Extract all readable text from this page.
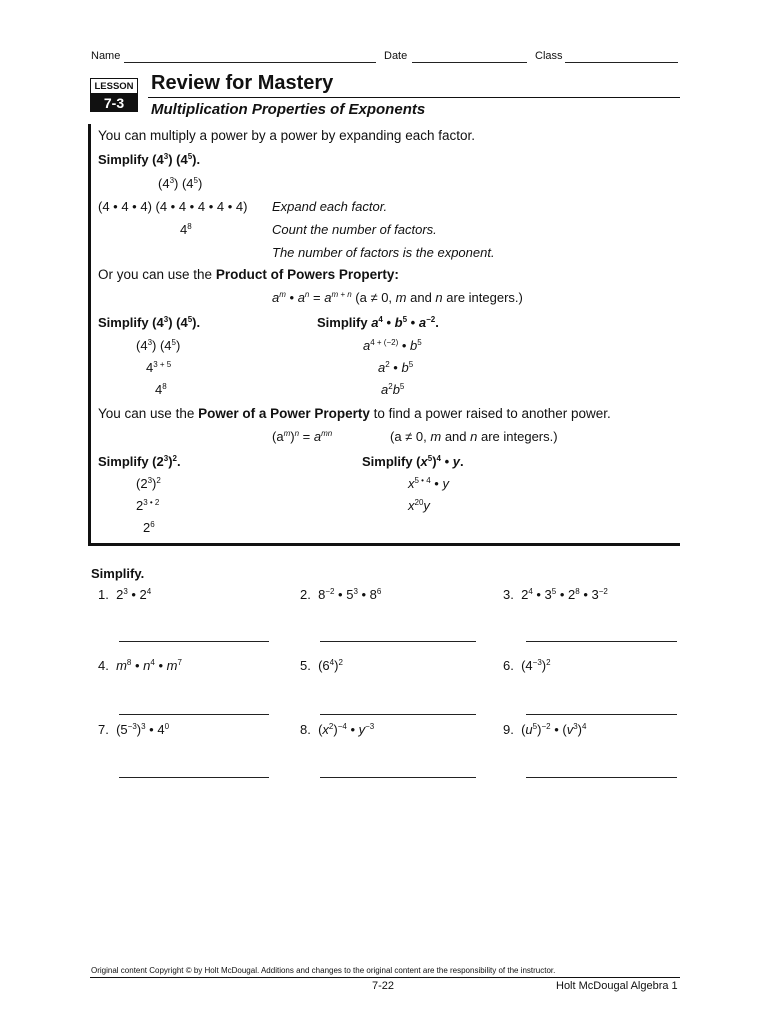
Name	Date	Class
LESSON
7-3
Review for Mastery
Multiplication Properties of Exponents
You can multiply a power by a power by expanding each factor.
Simplify $(4^3)$ $(4^5)$.
$(4^3)$ $(4^5)$
(4 • 4 • 4) (4 • 4 • 4 • 4 • 4)
$4^8$
Expand each factor.
Count the number of factors.
The number of factors is the exponent.
Or you can use the Product of Powers Property:
$a^m$ • $a^n = a^{m + n}$ (a ≠ 0, m and n are integers.)
Simplify $(4^3)$ $(4^5)$.
$(4^3)$ $(4^5)$
$4^{3 + 5}$
$4^8$
Simplify $a^4$ • $b^5$ • $a^{-2}$.
$a^{4 + (-2)}$ • $b^5$
$a^2$ • $b^5$
$a^2b^5$
You can use the Power of a Power Property to find a power raised to another power.
$(a^m)^n = a^{mn}$	(a ≠ 0, m and n are integers.)
Simplify $(2^3)^2$.
$(2^3)^2$
$2^{3 • 2}$
$2^6$
Simplify $(x^5)^4$ • y.
$x^{5 • 4}$ • y
$x^{20}y$
Simplify.
1. $2^3$ • $2^4$	2. $8^{-2}$ • $5^3$ • $8^6$	3. $2^4$ • $3^5$ • $2^8$ • $3^{-2}$
4. $m^8$ • $n^4$ • $m^7$	5. $(6^4)^2$	6. $(4^{-3})^2$
7. $(5^{-3})^3$ • $4^0$	8. $(x^2)^{-4}$ • $y^{-3}$	9. $(u^5)^{-2}$ • $(v^3)^4$
Original content Copyright © by Holt McDougal. Additions and changes to the original content are the responsibility of the instructor.
7-22	Holt McDougal Algebra 1
